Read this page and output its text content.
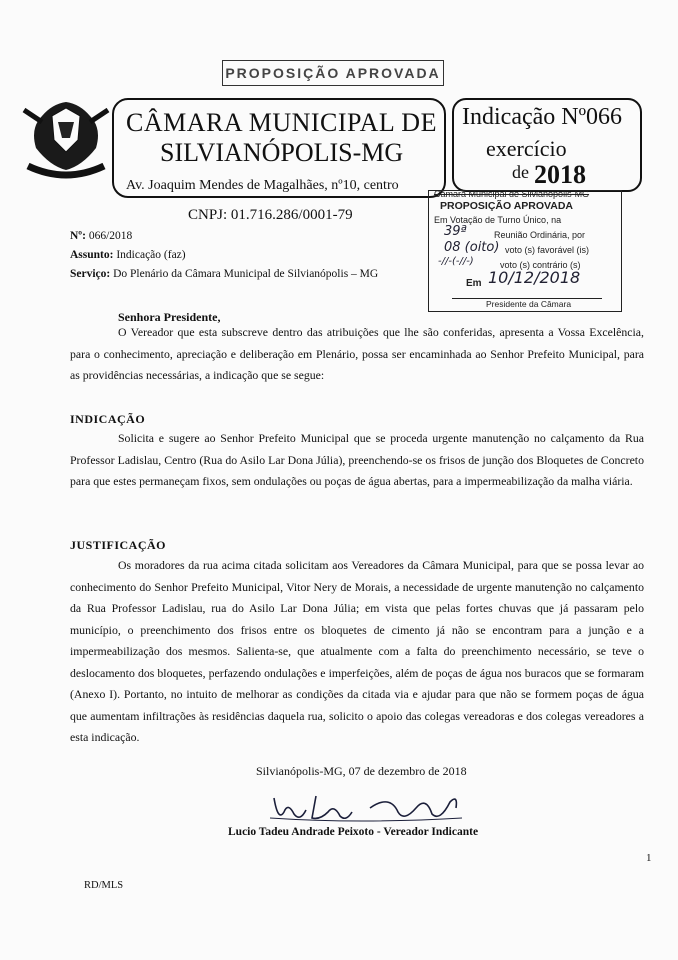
PROPOSIÇÃO APROVADA
CÂMARA MUNICIPAL DE
SILVIANÓPOLIS-MG
Av. Joaquim Mendes de Magalhães, nº10, centro
CNPJ: 01.716.286/0001-79
Indicação Nº066
exercício
de 2018
Câmara Municipal de Silvianópolis-MG
PROPOSIÇÃO APROVADA
Em Votação de Turno Único, na
39ª	Reunião Ordinária, por
08 (oito) voto (s) favorável (is)
-//-(-//-)	voto (s) contrário (s)
Em 10/12/2018
Presidente da Câmara
Nº: 066/2018
Assunto: Indicação (faz)
Serviço: Do Plenário da Câmara Municipal de Silvianópolis – MG
Senhora Presidente,
O Vereador que esta subscreve dentro das atribuições que lhe são conferidas, apresenta a Vossa Excelência, para o conhecimento, apreciação e deliberação em Plenário, possa ser encaminhada ao Senhor Prefeito Municipal, para as providências necessárias, a indicação que se segue:
INDICAÇÃO
Solicita e sugere ao Senhor Prefeito Municipal que se proceda urgente manutenção no calçamento da Rua Professor Ladislau, Centro (Rua do Asilo Lar Dona Júlia), preenchendo-se os frisos de junção dos Bloquetes de Concreto para que estes permaneçam fixos, sem ondulações ou poças de água abertas, para a impermeabilização da malha viária.
JUSTIFICAÇÃO
Os moradores da rua acima citada solicitam aos Vereadores da Câmara Municipal, para que se possa levar ao conhecimento do Senhor Prefeito Municipal, Vitor Nery de Morais, a necessidade de urgente manutenção no calçamento da Rua Professor Ladislau, rua do Asilo Lar Dona Júlia; em vista que pelas fortes chuvas que já passaram pelo município, o preenchimento dos frisos entre os bloquetes de cimento já não se encontram para a junção e a impermeabilização dos mesmos. Salienta-se, que atualmente com a falta do preenchimento necessário, se teve o deslocamento dos bloquetes, perfazendo ondulações e imperfeições, além de poças de água nos buracos que se formaram (Anexo I). Portanto, no intuito de melhorar as condições da citada via e ajudar para que não se formem poças de água que aumentam infiltrações às residências daquela rua, solicito o apoio das colegas vereadoras e dos colegas vereadores a esta indicação.
Silvianópolis-MG, 07 de dezembro de 2018
Lucio Tadeu Andrade Peixoto - Vereador Indicante
1
RD/MLS
